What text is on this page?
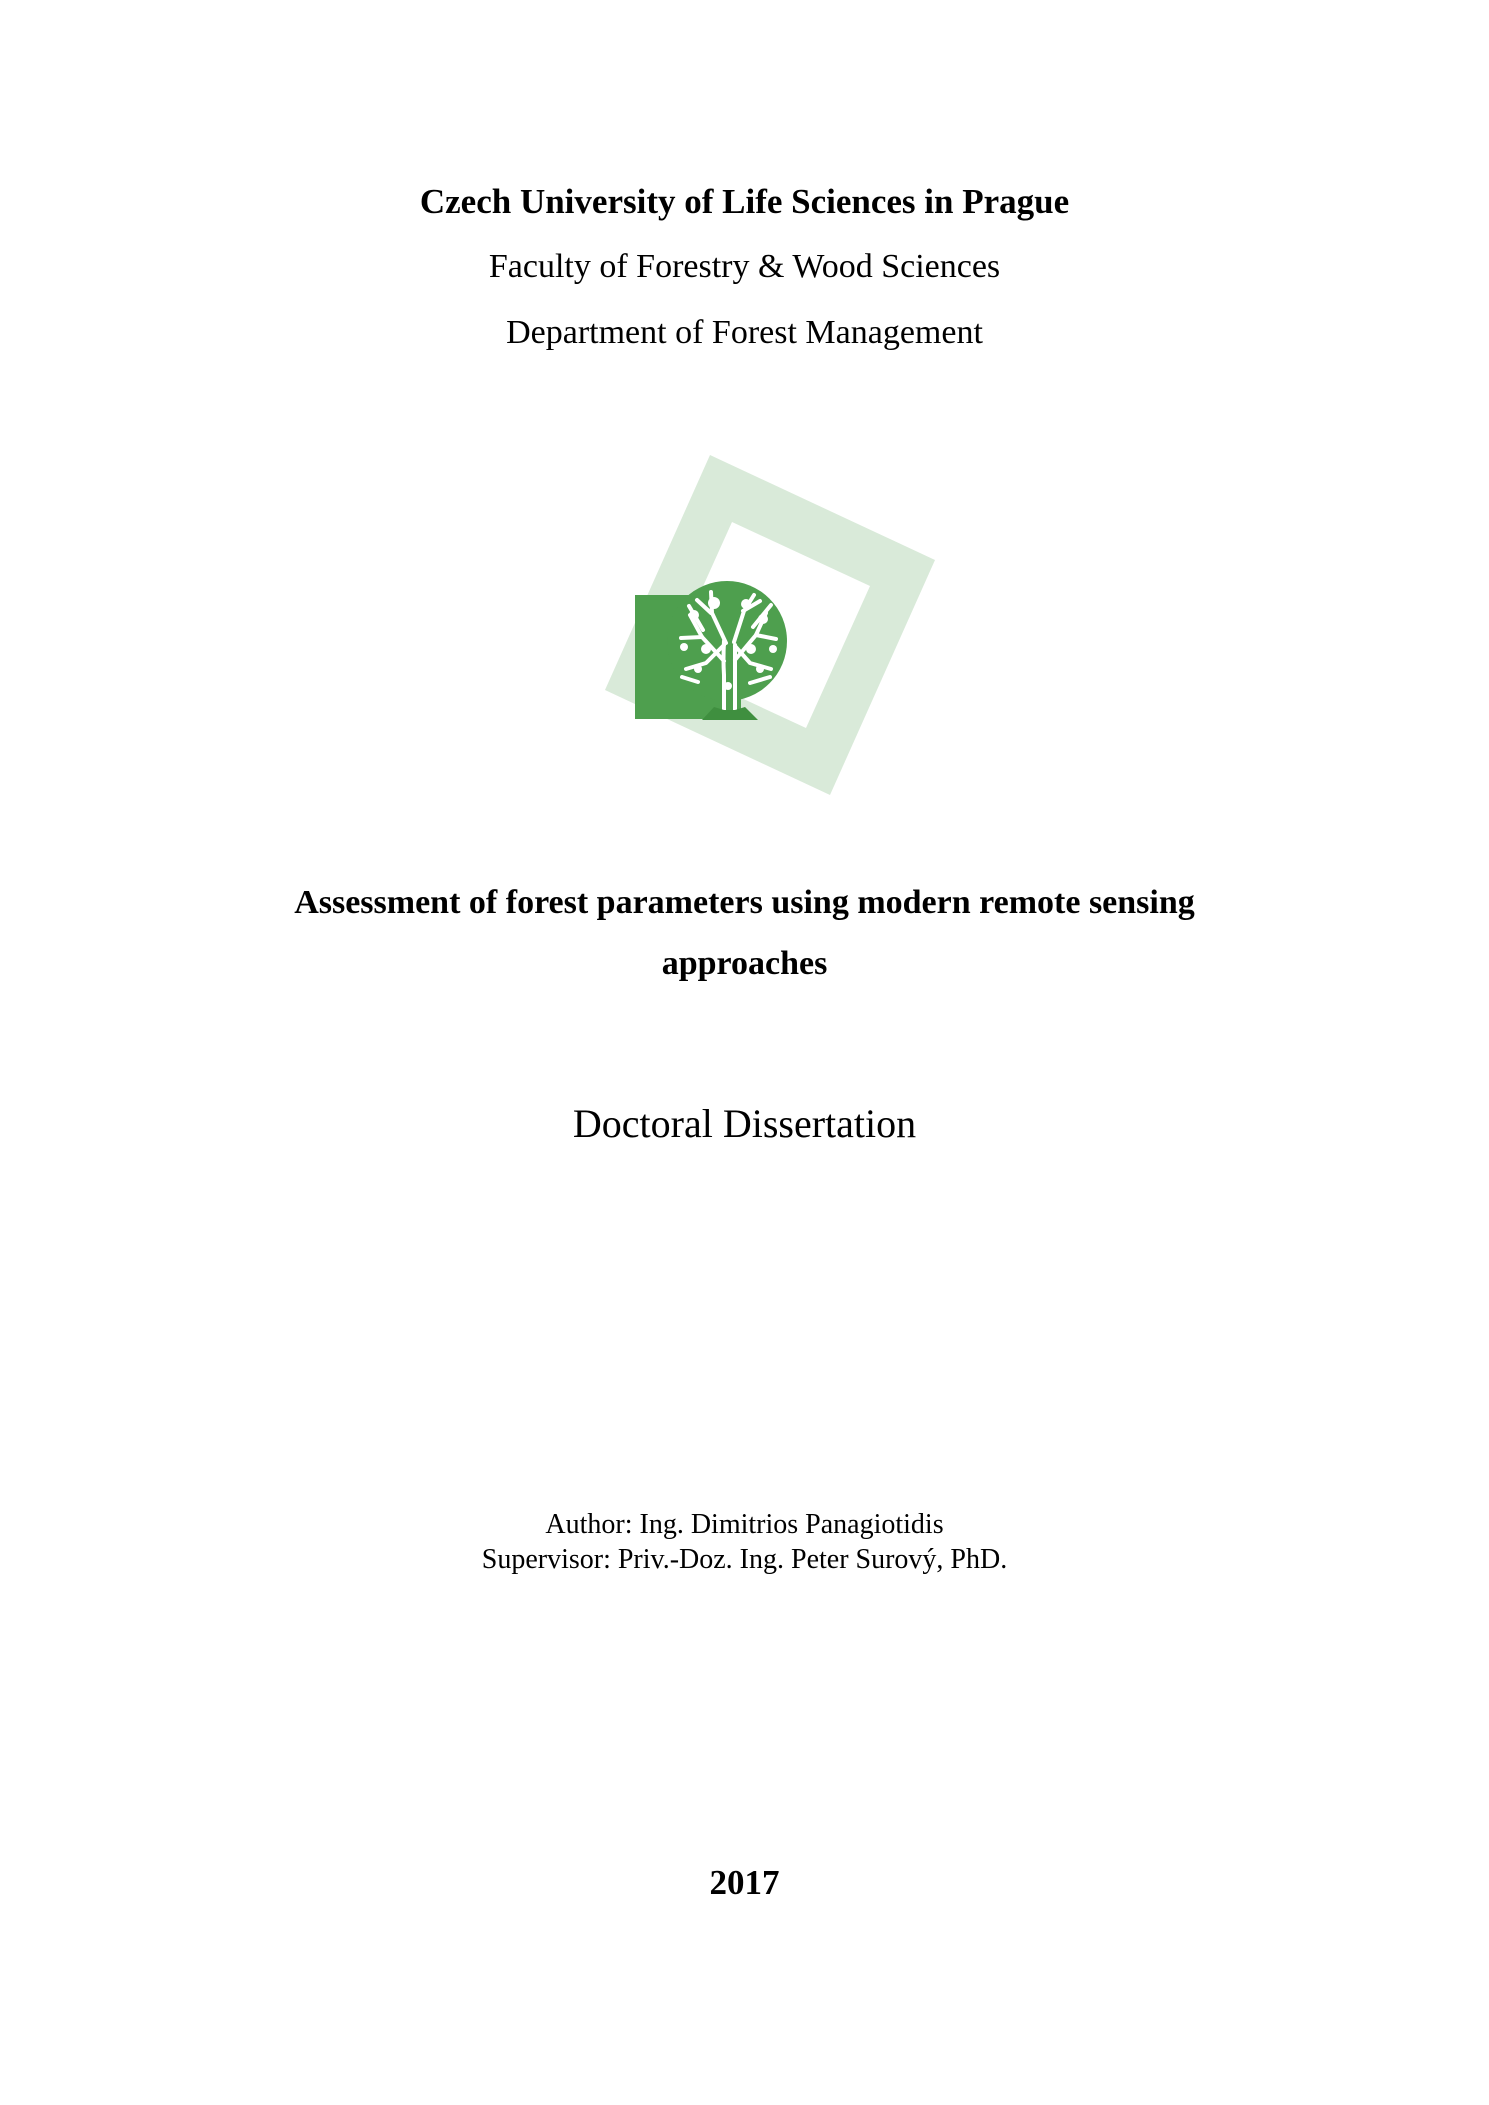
Czech University of Life Sciences in Prague
Faculty of Forestry & Wood Sciences
Department of Forest Management
Assessment of forest parameters using modern remote sensing
approaches
Doctoral Dissertation
Author: Ing. Dimitrios Panagiotidis
Supervisor: Priv.-Doz. Ing. Peter Surový, PhD.
2017
